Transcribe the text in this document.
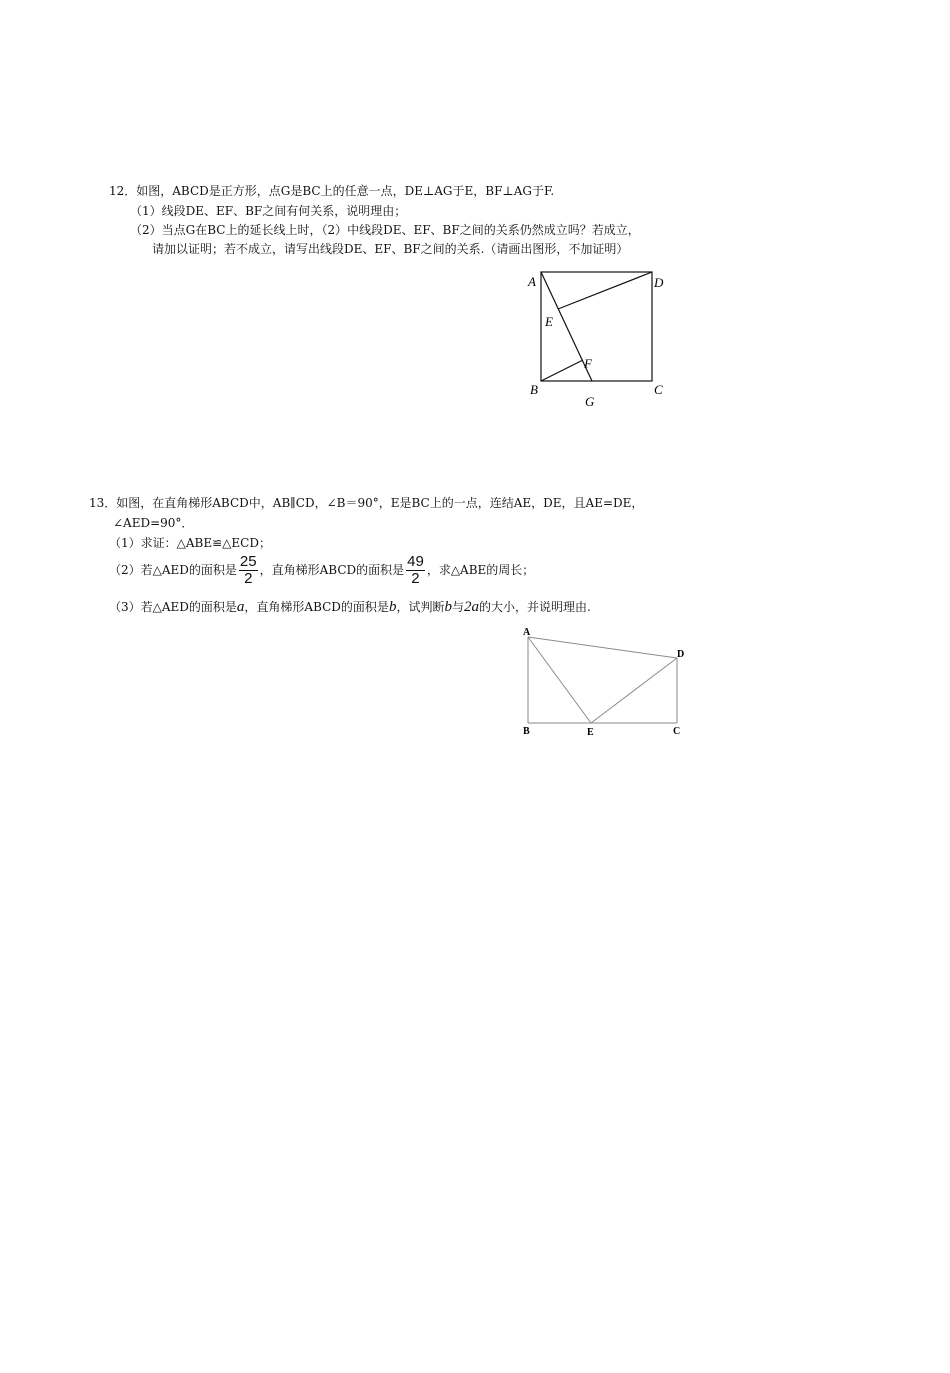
12．如图，ABCD是正方形，点G是BC上的任意一点，DE⊥AG于E，BF⊥AG于F.
（1）线段DE、EF、BF之间有何关系，说明理由；
（2）当点G在BC上的延长线上时，（2）中线段DE、EF、BF之间的关系仍然成立吗？若成立，
请加以证明；若不成立，请写出线段DE、EF、BF之间的关系.（请画出图形，不加证明）
A	D
E
F
B	C
G
A
D
B	E	C
13．如图，在直角梯形ABCD中，AB∥CD，∠B＝90°，E是BC上的一点，连结AE，DE，且AE=DE，
∠AED=90°．
（1）求证：△ABE≌△ECD；
（2）若△AED的面积是 $\frac{25}{2}$ ，直角梯形ABCD的面积是 $\frac{49}{2}$ ，求△ABE的周长；
（3）若△AED的面积是a，直角梯形ABCD的面积是b，试判断b与2a的大小，并说明理由.
